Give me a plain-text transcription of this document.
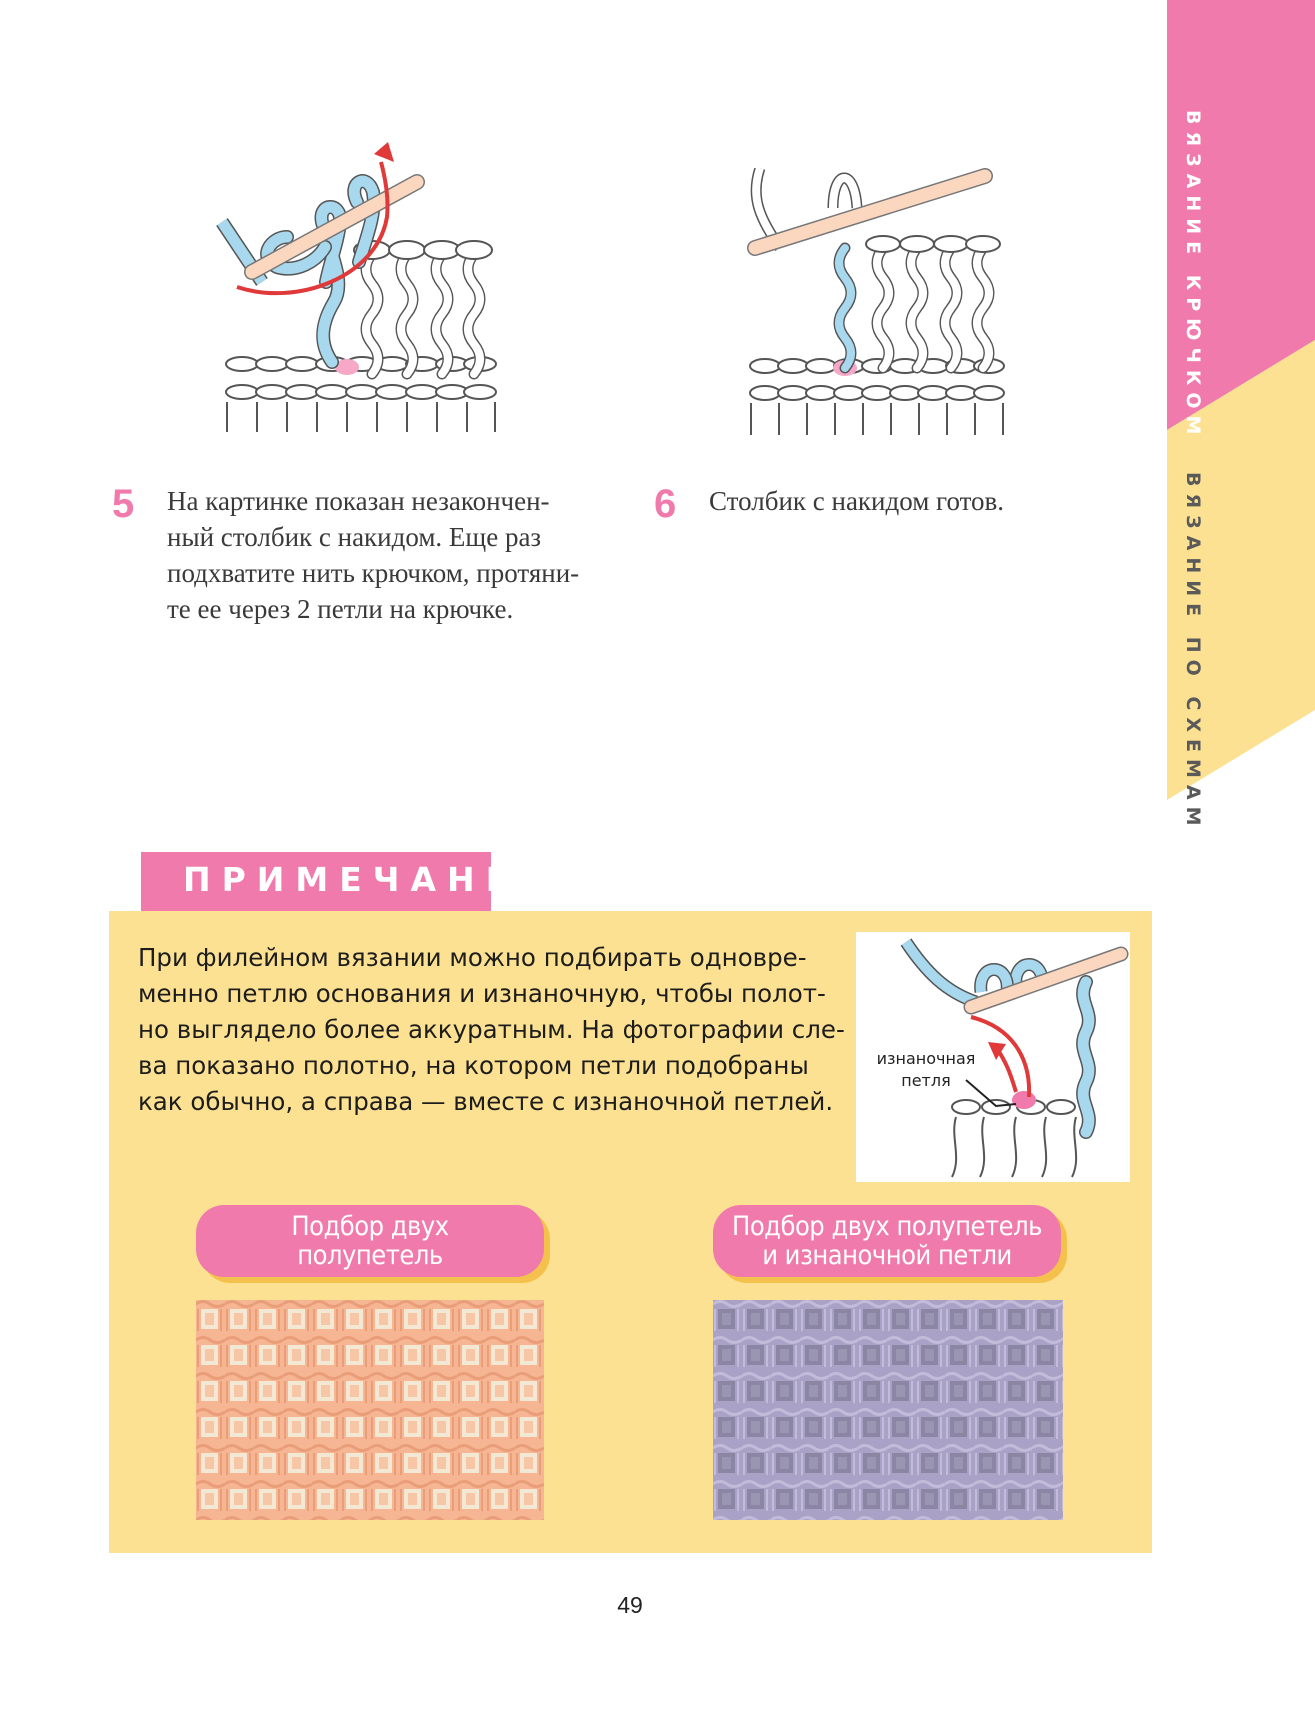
ВЯЗАНИЕ КРЮЧКОМ
ВЯЗАНИЕ ПО СХЕМАМ
5 На картинке показан незакончен-
ный столбик с накидом. Еще раз
подхватите нить крючком, протяни-
те ее через 2 петли на крючке.
6 Столбик с накидом готов.
ПРИМЕЧАНИЕ
При филейном вязании можно подбирать одновре-
менно петлю основания и изнаночную, чтобы полот-
но выглядело более аккуратным. На фотографии сле-
ва показано полотно, на котором петли подобраны
как обычно, а справа — вместе с изнаночной петлей.
изнаночная
петля
Подбор двух
полупетель
Подбор двух полупетель
и изнаночной петли
49
